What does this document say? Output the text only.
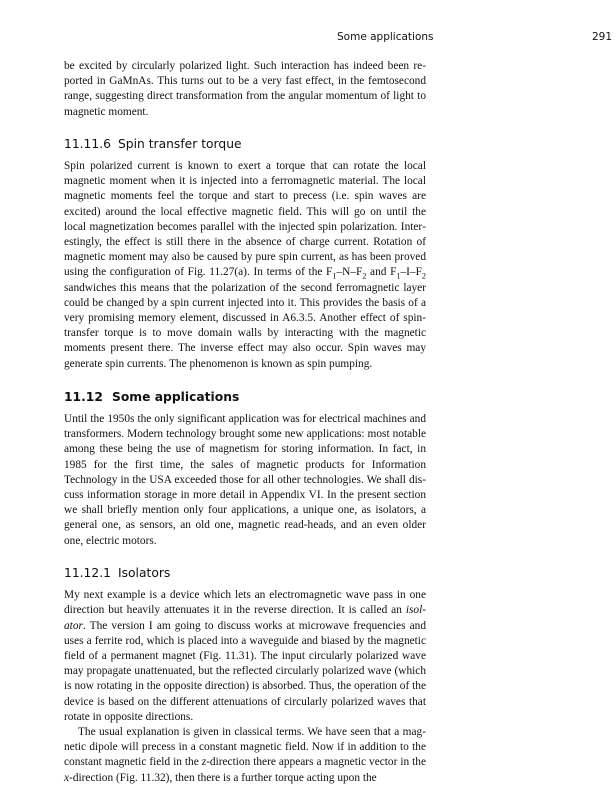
Some applications	291

be excited by circularly polarized light. Such interaction has indeed been reported in GaMnAs. This turns out to be a very fast effect, in the femtosecond range, suggesting direct transformation from the angular momentum of light to magnetic moment.

11.11.6 Spin transfer torque

Spin polarized current is known to exert a torque that can rotate the local magnetic moment when it is injected into a ferromagnetic material. The local magnetic moments feel the torque and start to precess (i.e. spin waves are excited) around the local effective magnetic field. This will go on until the local magnetization becomes parallel with the injected spin polarization. Interestingly, the effect is still there in the absence of charge current. Rotation of magnetic moment may also be caused by pure spin current, as has been proved using the configuration of Fig. 11.27(a). In terms of the $F_1-N-F_2$ and $F_1-I-F_2$ sandwiches this means that the polarization of the second ferromagnetic layer could be changed by a spin current injected into it. This provides the basis of a very promising memory element, discussed in A6.3.5. Another effect of spin-transfer torque is to move domain walls by interacting with the magnetic moments present there. The inverse effect may also occur. Spin waves may generate spin currents. The phenomenon is known as spin pumping.

11.12 Some applications

Until the 1950s the only significant application was for electrical machines and transformers. Modern technology brought some new applications: most notable among these being the use of magnetism for storing information. In fact, in 1985 for the first time, the sales of magnetic products for Information Technology in the USA exceeded those for all other technologies. We shall discuss information storage in more detail in Appendix VI. In the present section we shall briefly mention only four applications, a unique one, as isolators, a general one, as sensors, an old one, magnetic read-heads, and an even older one, electric motors.

11.12.1 Isolators

My next example is a device which lets an electromagnetic wave pass in one direction but heavily attenuates it in the reverse direction. It is called an isolator. The version I am going to discuss works at microwave frequencies and uses a ferrite rod, which is placed into a waveguide and biased by the magnetic field of a permanent magnet (Fig. 11.31). The input circularly polarized wave may propagate unattenuated, but the reflected circularly polarized wave (which is now rotating in the opposite direction) is absorbed. Thus, the operation of the device is based on the different attenuations of circularly polarized waves that rotate in opposite directions.

The usual explanation is given in classical terms. We have seen that a magnetic dipole will precess in a constant magnetic field. Now if in addition to the constant magnetic field in the z-direction there appears a magnetic vector in the x-direction (Fig. 11.32), then there is a further torque acting upon the
